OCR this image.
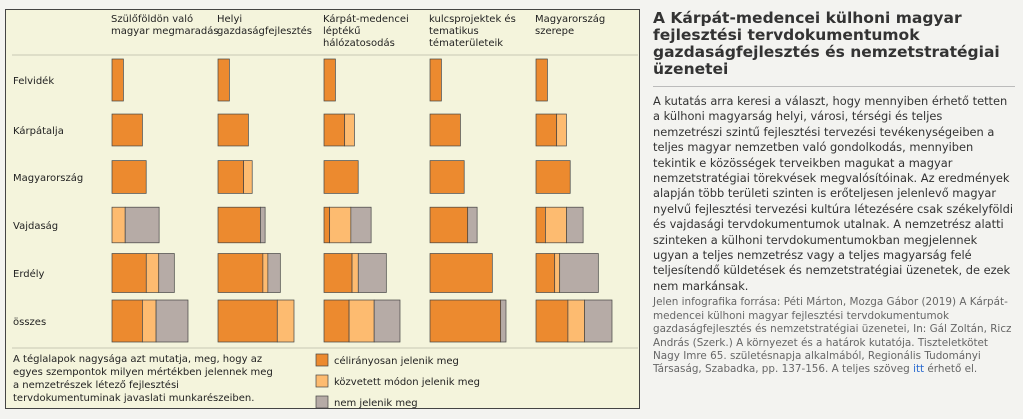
Szülőföldön való magyar megmaradás
Helyi gazdaságfejlesztés
Kárpát-medencei léptékű hálózatosodás
kulcsprojektek és tematikus tématerületeik
Magyarország szerepe
Felvidék
Kárpátalja
Magyarország
Vajdaság
Erdély
összes
A téglalapok nagysága azt mutatja, meg, hogy az
egyes szempontok milyen mértékben jelennek meg
a nemzetrészek létező fejlesztési
tervdokumentuminak javaslati munkarészeiben.
célirányosan jelenik meg
közvetett módon jelenik meg
nem jelenik meg
A Kárpát-medencei külhoni magyar fejlesztési tervdokumentumok gazdaságfejlesztés és nemzetstratégiai üzenetei

A kutatás arra keresi a választ, hogy mennyiben érhető tetten a külhoni magyarság helyi, városi, térségi és teljes nemzetrészi szintű fejlesztési tervezési tevékenységeiben a teljes magyar nemzetben való gondolkodás, mennyiben tekintik e közösségek terveikben magukat a magyar nemzetstratégiai törekvések megvalósítóinak. Az eredmények alapján több területi szinten is erőteljesen jelenlevő magyar nyelvű fejlesztési tervezési kultúra létezésére csak székelyföldi és vajdasági tervdokumentumok utalnak. A nemzetrész alatti szinteken a külhoni tervdokumentumokban megjelennek ugyan a teljes nemzetrész vagy a teljes magyarság felé teljesítendő küldetések és nemzetstratégiai üzenetek, de ezek nem markánsak.

Jelen infografika forrása: Péti Márton, Mozga Gábor (2019) A Kárpát-medencei külhoni magyar fejlesztési tervdokumentumok gazdaságfejlesztés és nemzetstratégiai üzenetei, In: Gál Zoltán, Ricz András (Szerk.) A környezet és a határok kutatója. Tiszteletkötet Nagy Imre 65. születésnapja alkalmából, Regionális Tudományi Társaság, Szabadka, pp. 137-156. A teljes szöveg itt érhető el.
